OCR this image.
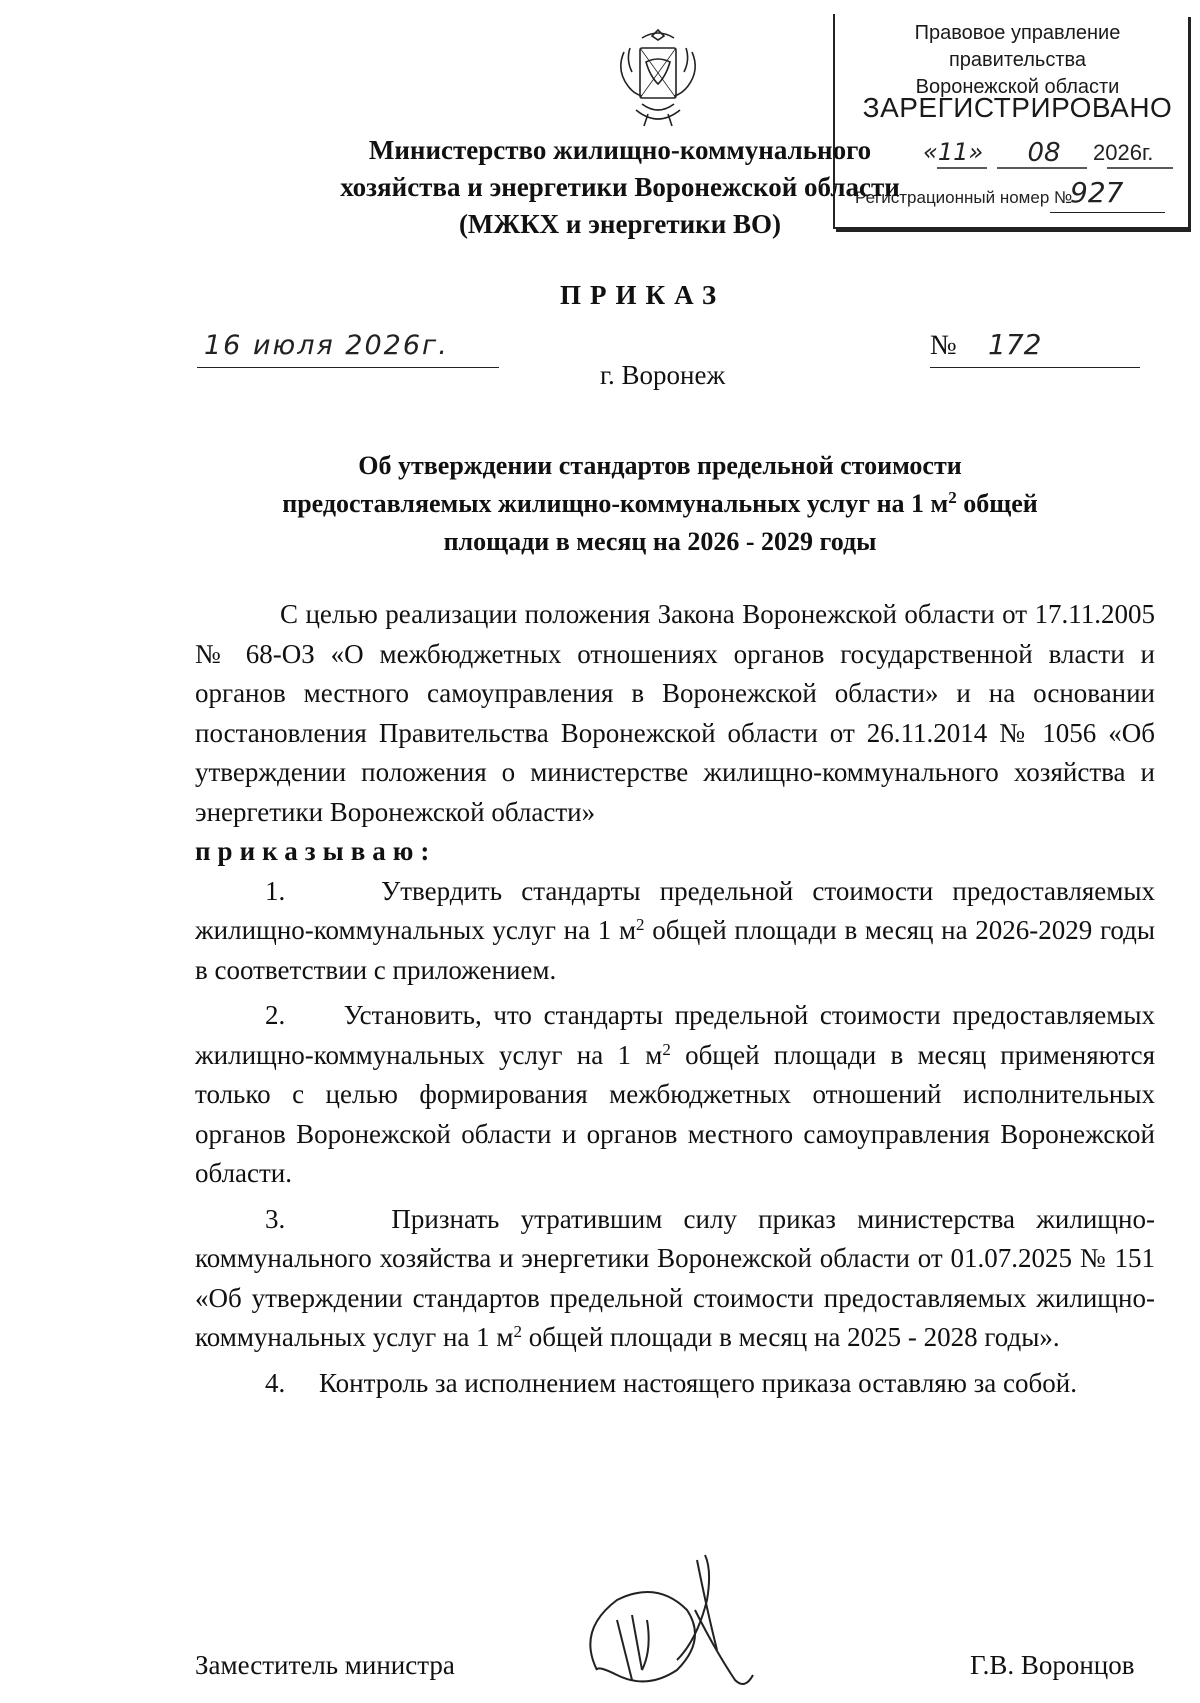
Правовое управление правительства
Воронежской области
ЗАРЕГИСТРИРОВАНО
«11»	08	2026г.
Регистрационный номер №
927
Министерство жилищно-коммунального
хозяйства и энергетики Воронежской области
(МЖКХ и энергетики ВО)
ПРИКАЗ
16 июля 2026г.	№ 172
г. Воронеж
Об утверждении стандартов предельной стоимости
предоставляемых жилищно-коммунальных услуг на 1 $м^2$ общей
площади в месяц на 2026 - 2029 годы

С целью реализации положения Закона Воронежской области от 17.11.2005 № 68-ОЗ «О межбюджетных отношениях органов государственной власти и органов местного самоуправления в Воронежской области» и на основании постановления Правительства Воронежской области от 26.11.2014 № 1056 «Об утверждении положения о министерстве жилищно-коммунального хозяйства и энергетики Воронежской области»

приказываю:

1.	Утвердить стандарты предельной стоимости предоставляемых жилищно-коммунальных услуг на 1 $м^2$ общей площади в месяц на 2026-2029 годы в соответствии с приложением.

2. Установить, что стандарты предельной стоимости предоставляемых жилищно-коммунальных услуг на 1 $м^2$ общей площади в месяц применяются только с целью формирования межбюджетных отношений исполнительных органов Воронежской области и органов местного самоуправления Воронежской области.

3.	Признать утратившим силу приказ министерства жилищно-коммунального хозяйства и энергетики Воронежской области от 01.07.2025 № 151 «Об утверждении стандартов предельной стоимости предоставляемых жилищно-коммунальных услуг на 1 $м^2$ общей площади в месяц на 2025 - 2028 годы».

4. Контроль за исполнением настоящего приказа оставляю за собой.

Заместитель министра	Г.В. Воронцов
